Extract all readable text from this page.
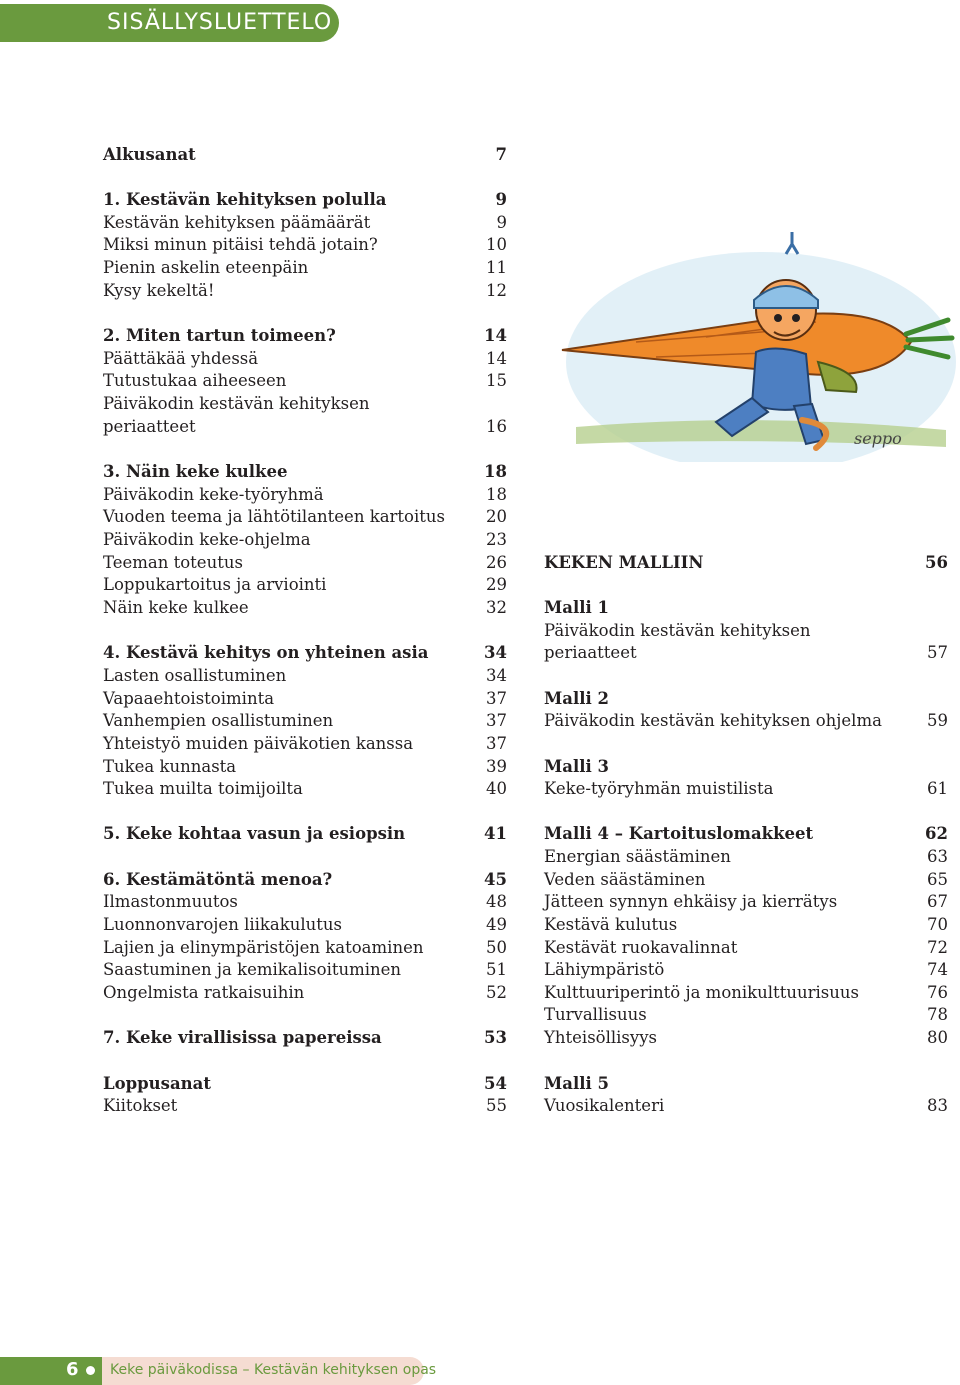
SISÄLLYSLUETTELO
Alkusanat	7
1. Kestävän kehityksen polulla	9
Kestävän kehityksen päämäärät	9
Miksi minun pitäisi tehdä jotain?	10
Pienin askelin eteenpäin	11
Kysy kekeltä!	12
2. Miten tartun toimeen?	14
Päättäkää yhdessä	14
Tutustukaa aiheeseen	15
Päiväkodin kestävän kehityksen
periaatteet	16
3. Näin keke kulkee	18
Päiväkodin keke-työryhmä	18
Vuoden teema ja lähtötilanteen kartoitus 20
Päiväkodin keke-ohjelma	23
Teeman toteutus	26
Loppukartoitus ja arviointi	29
Näin keke kulkee	32
4. Kestävä kehitys on yhteinen asia	34
Lasten osallistuminen	34
Vapaaehtoistoiminta	37
Vanhempien osallistuminen	37
Yhteistyö muiden päiväkotien kanssa	37
Tukea kunnasta	39
Tukea muilta toimijoilta	40
5. Keke kohtaa vasun ja esiopsin	41
6. Kestämätöntä menoa?	45
Ilmastonmuutos	48
Luonnonvarojen liikakulutus	49
Lajien ja elinympäristöjen katoaminen	50
Saastuminen ja kemikalisoituminen	51
Ongelmista ratkaisuihin	52
7. Keke virallisissa papereissa	53
Loppusanat	54
Kiitokset	55
KEKEN MALLIIN	56
Malli 1
Päiväkodin kestävän kehityksen
periaatteet	57
Malli 2
Päiväkodin kestävän kehityksen ohjelma	59
Malli 3
Keke-työryhmän muistilista	61
Malli 4 – Kartoituslomakkeet	62
Energian säästäminen	63
Veden säästäminen	65
Jätteen synnyn ehkäisy ja kierrätys	67
Kestävä kulutus	70
Kestävät ruokavalinnat	72
Lähiympäristö	74
Kulttuuriperintö ja monikulttuurisuus	76
Turvallisuus	78
Yhteisöllisyys	80
Malli 5
Vuosikalenteri	83
seppo
6 Keke päiväkodissa – Kestävän kehityksen opas
